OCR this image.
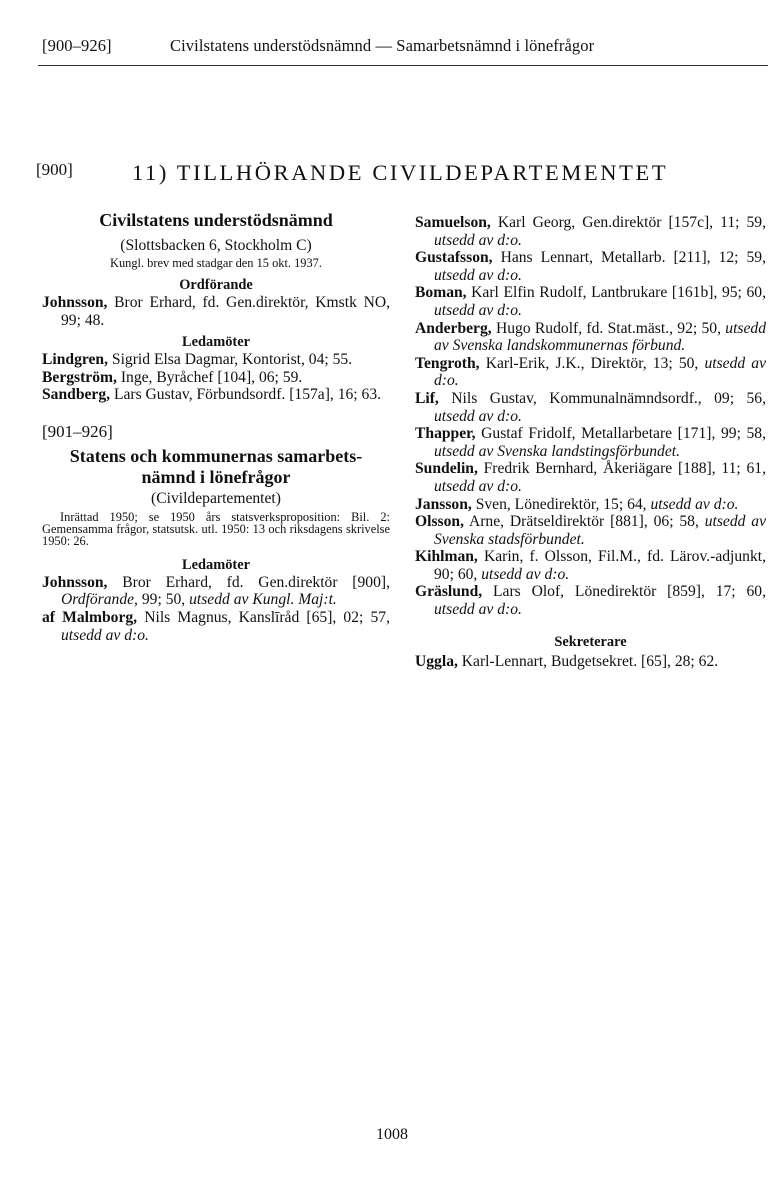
[900–926]	Civilstatens understödsnämnd — Samarbetsnämnd i lönefrågor
[900]	11) TILLHÖRANDE CIVILDEPARTEMENTET

Civilstatens understödsnämnd

(Slottsbacken 6, Stockholm C)

Kungl. brev med stadgar den 15 okt. 1937.

Ordförande

Johnsson, Bror Erhard, fd. Gen.direktör, Kmstk NO, 99; 48.

Ledamöter

Lindgren, Sigrid Elsa Dagmar, Kontorist, 04; 55.

Bergström, Inge, Byråchef [104], 06; 59.

Sandberg, Lars Gustav, Förbundsordf. [157a], 16; 63.

[901–926]

Statens och kommunernas samarbets-

nämnd i lönefrågor

(Civildepartementet)

Inrättad 1950; se 1950 års statsverksproposition: Bil. 2: Gemensamma frågor, statsutsk. utl. 1950: 13 och riksdagens skrivelse 1950: 26.

Ledamöter

Johnsson, Bror Erhard, fd. Gen.direktör [900], Ordförande, 99; 50, utsedd av Kungl. Maj:t.

af Malmborg, Nils Magnus, Kanslīråd [65], 02; 57, utsedd av d:o.

Samuelson, Karl Georg, Gen.direktör [157c], 11; 59, utsedd av d:o.

Gustafsson, Hans Lennart, Metallarb. [211], 12; 59, utsedd av d:o.

Boman, Karl Elfin Rudolf, Lantbrukare [161b], 95; 60, utsedd av d:o.

Anderberg, Hugo Rudolf, fd. Stat.mäst., 92; 50, utsedd av Svenska landskommunernas förbund.

Tengroth, Karl-Erik, J.K., Direktör, 13; 50, utsedd av d:o.

Lif, Nils Gustav, Kommunalnämndsordf., 09; 56, utsedd av d:o.

Thapper, Gustaf Fridolf, Metallarbetare [171], 99; 58, utsedd av Svenska landstingsförbundet.

Sundelin, Fredrik Bernhard, Åkeriägare [188], 11; 61, utsedd av d:o.

Jansson, Sven, Lönedirektör, 15; 64, utsedd av d:o.

Olsson, Arne, Drätseldirektör [881], 06; 58, utsedd av Svenska stadsförbundet.

Kihlman, Karin, f. Olsson, Fil.M., fd. Lärov.-adjunkt, 90; 60, utsedd av d:o.

Gräslund, Lars Olof, Lönedirektör [859], 17; 60, utsedd av d:o.

Sekreterare

Uggla, Karl-Lennart, Budgetsekret. [65], 28; 62.

1008
